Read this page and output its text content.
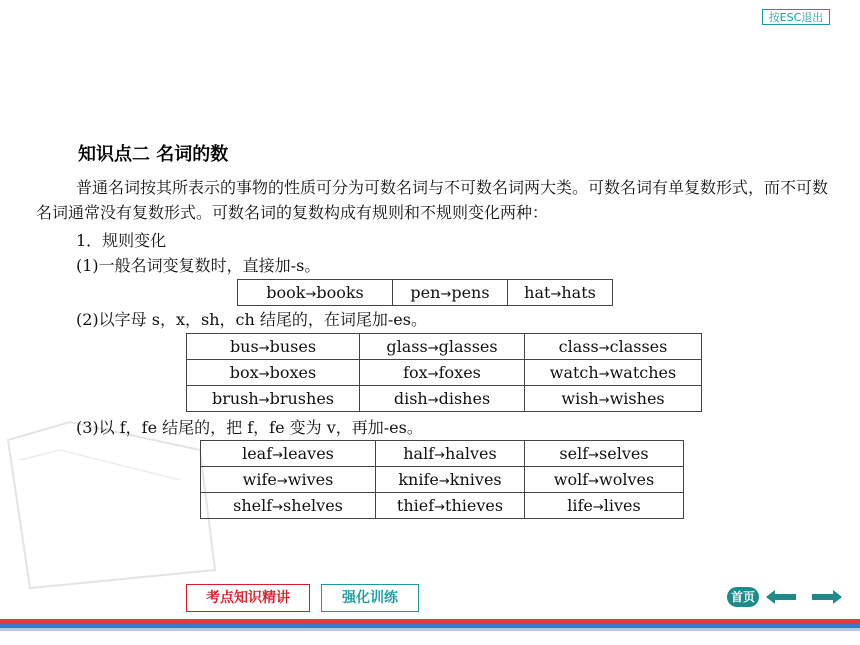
按ESC退出
知识点二 名词的数
普通名词按其所表示的事物的性质可分为可数名词与不可数名词两大类。可数名词有单复数形式，而不可数名词通常没有复数形式。可数名词的复数构成有规则和不规则变化两种：
1．规则变化
(1)一般名词变复数时，直接加-s。
book→books	pen→pens	hat→hats
(2)以字母 s，x，sh，ch 结尾的，在词尾加-es。
bus→buses	glass→glasses	class→classes
box→boxes	fox→foxes	watch→watches
brush→brushes	dish→dishes	wish→wishes
(3)以 f，fe 结尾的，把 f，fe 变为 v，再加-es。
leaf→leaves	half→halves	self→selves
wife→wives	knife→knives	wolf→wolves
shelf→shelves	thief→thieves	life→lives
考点知识精讲	强化训练	首页
